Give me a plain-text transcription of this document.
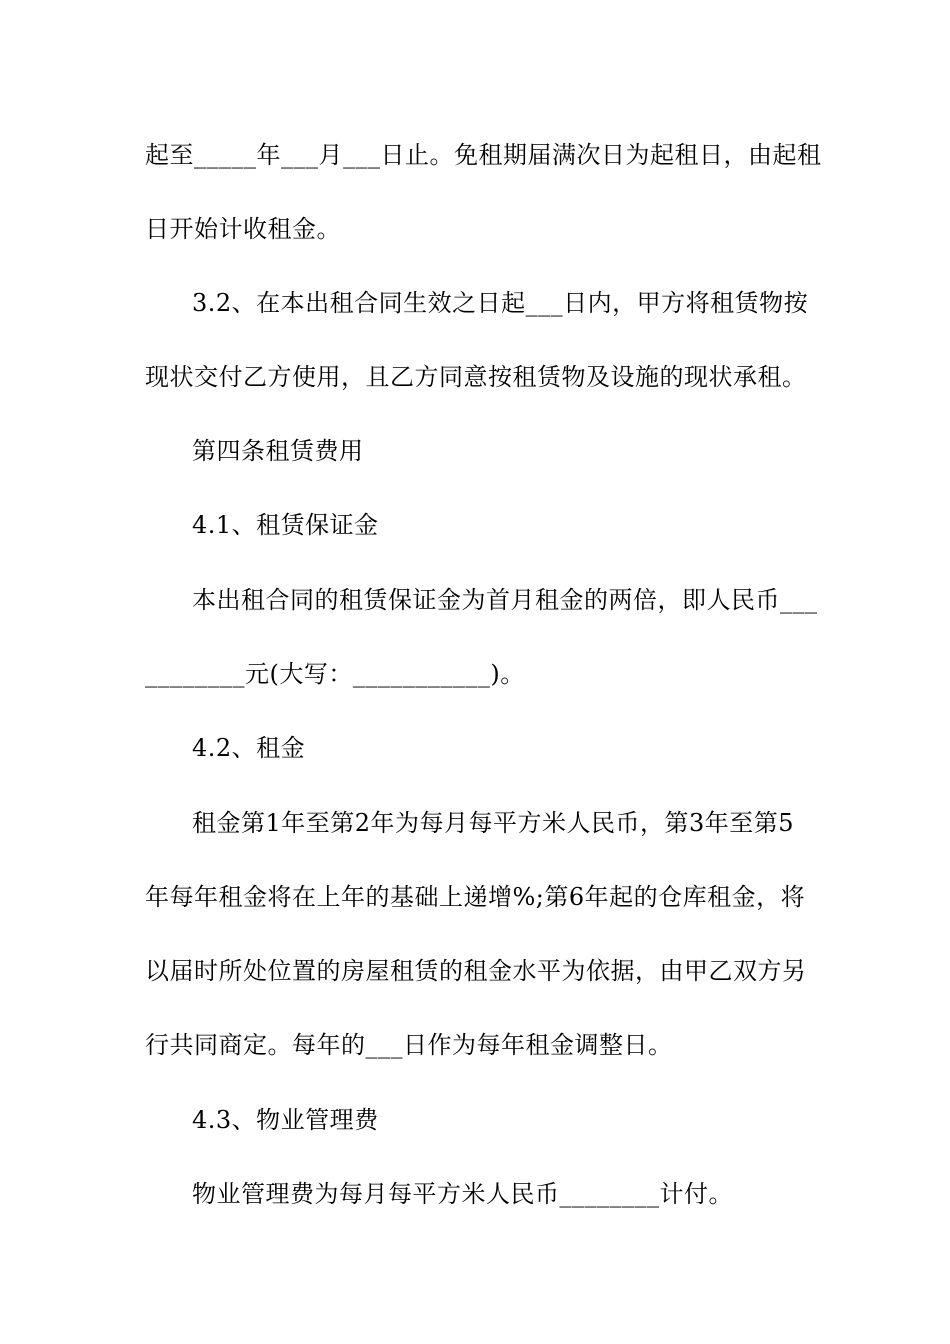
起至_____年___月___日止。免租期届满次日为起租日，由起租
日开始计收租金。
3.2、在本出租合同生效之日起___日内，甲方将租赁物按
现状交付乙方使用，且乙方同意按租赁物及设施的现状承租。
第四条租赁费用
4.1、租赁保证金
本出租合同的租赁保证金为首月租金的两倍，即人民币___
________元(大写：___________)。
4.2、租金
租金第1年至第2年为每月每平方米人民币，第3年至第5
年每年租金将在上年的基础上递增%;第6年起的仓库租金，将
以届时所处位置的房屋租赁的租金水平为依据，由甲乙双方另
行共同商定。每年的___日作为每年租金调整日。
4.3、物业管理费
物业管理费为每月每平方米人民币________计付。
